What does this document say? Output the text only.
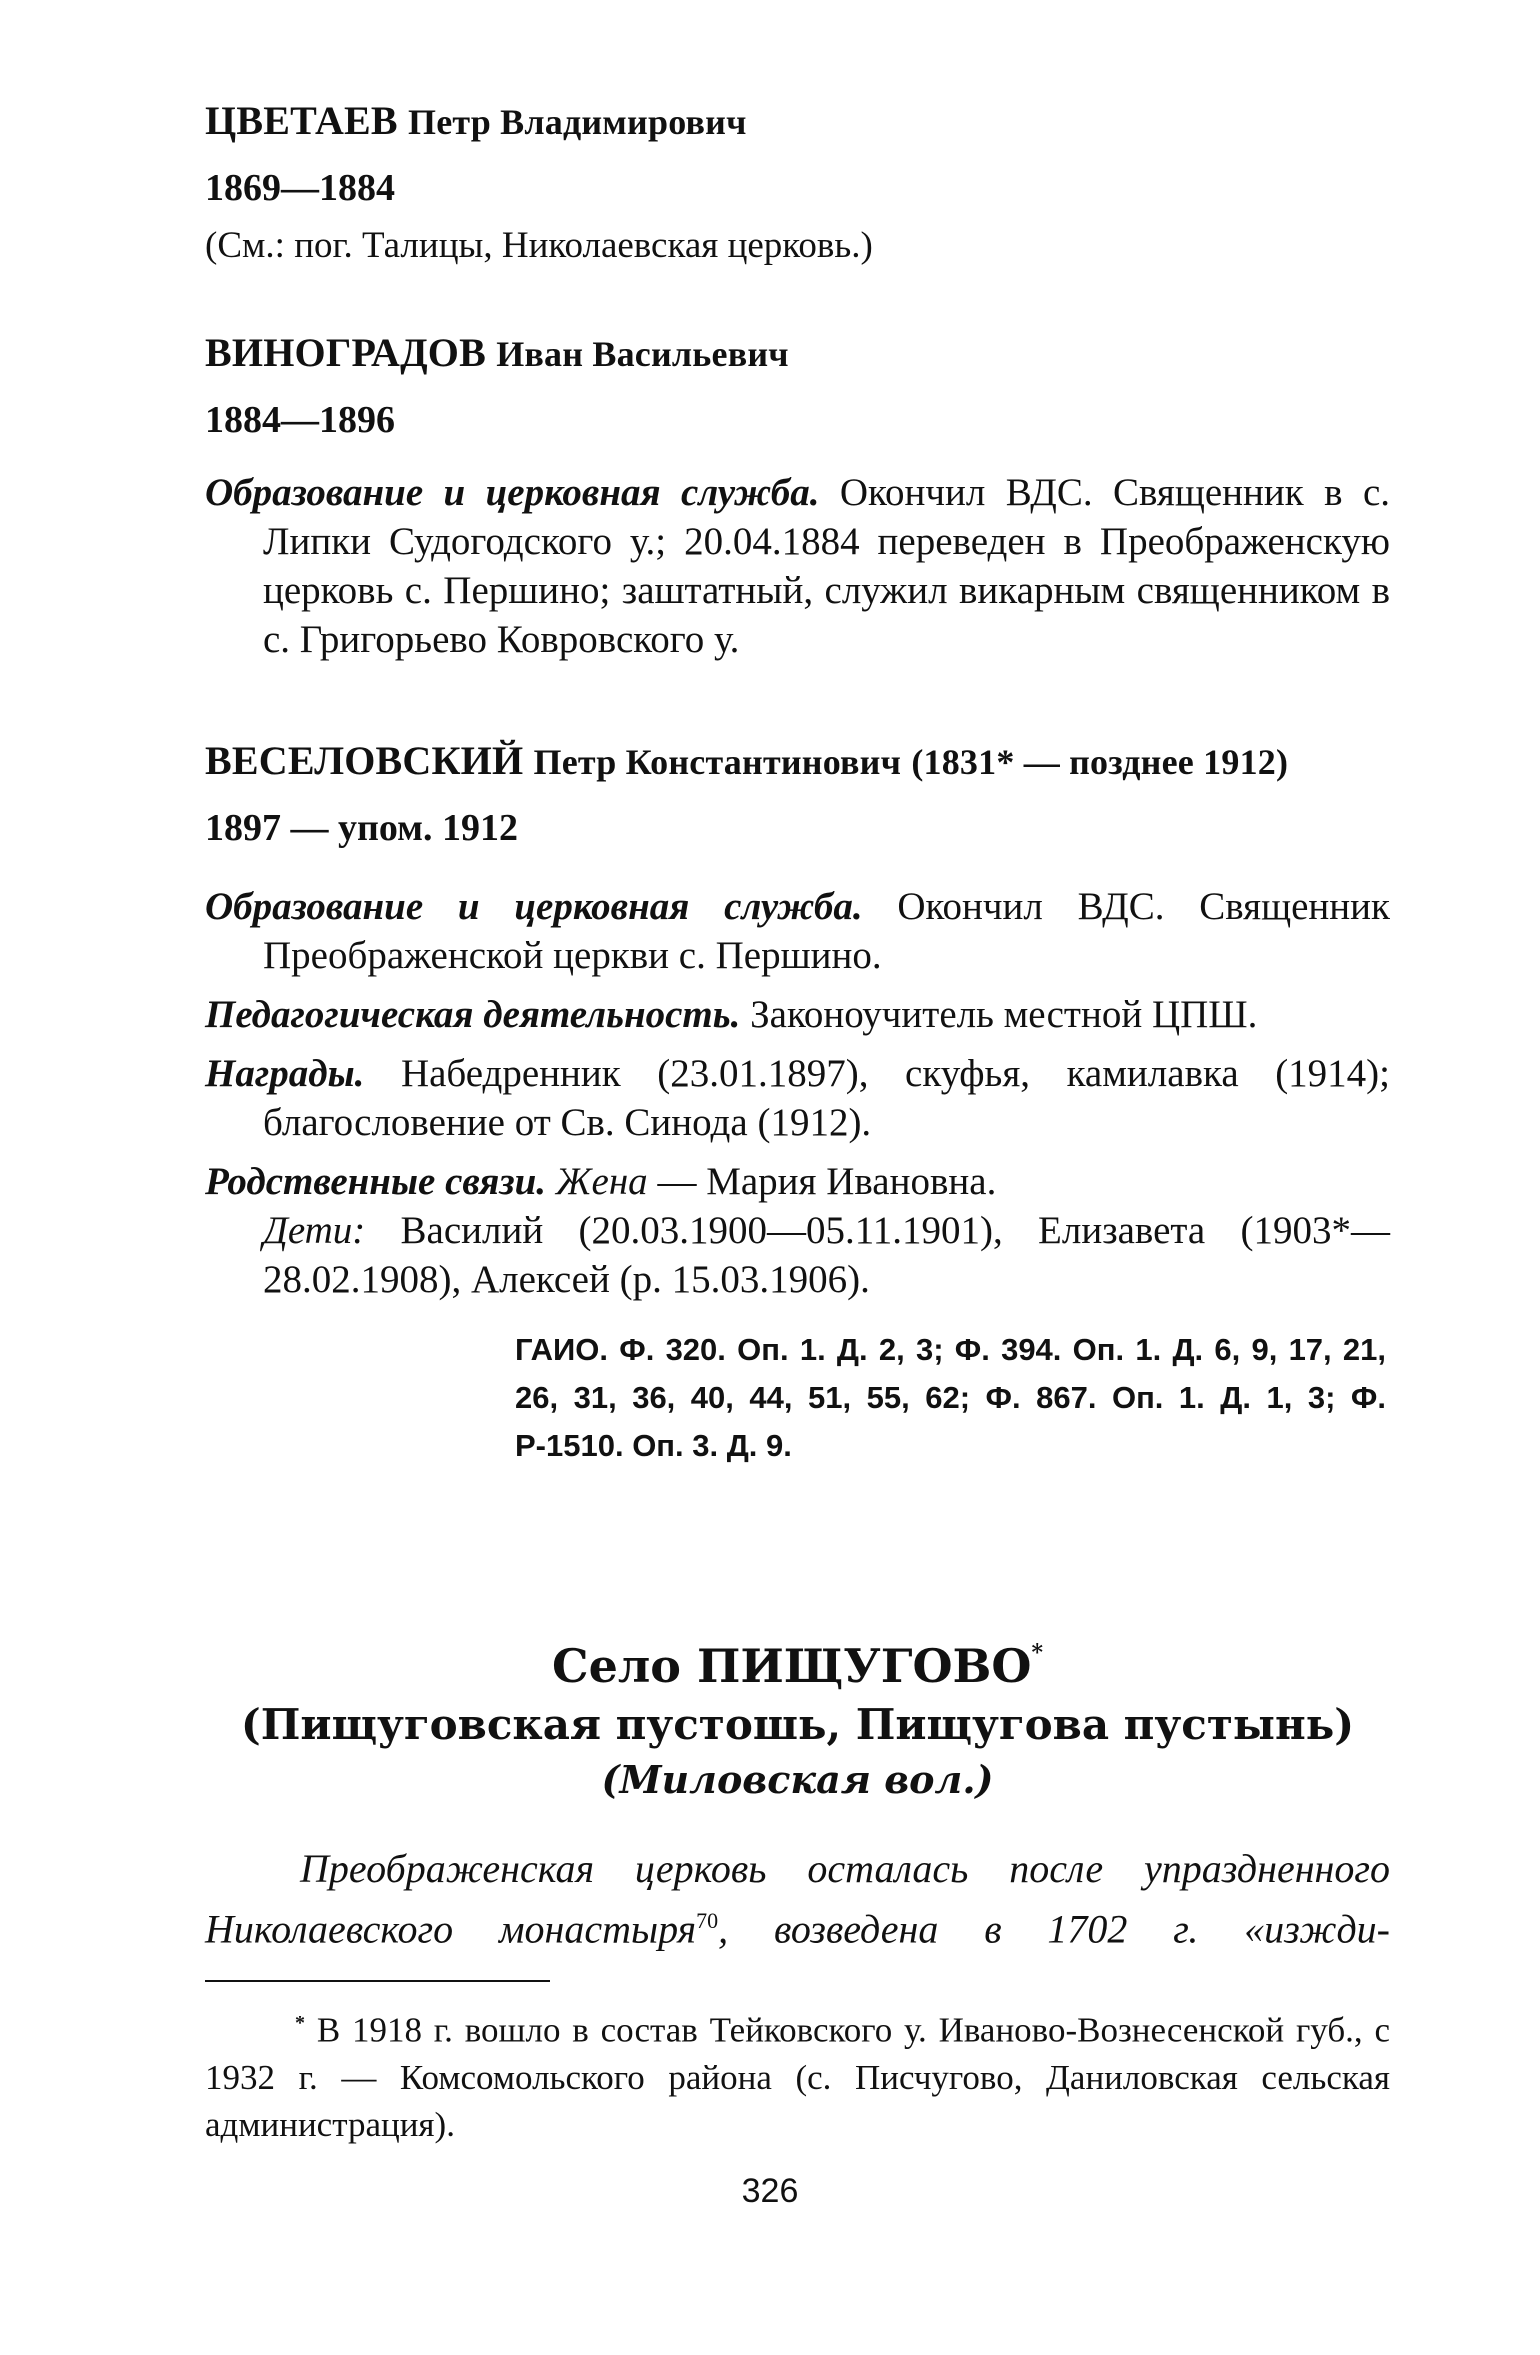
ЦВЕТАЕВ Петр Владимирович
1869—1884
(См.: пог. Талицы, Николаевская церковь.)
ВИНОГРАДОВ Иван Васильевич
1884—1896
Образование и церковная служба. Окончил ВДС. Священник в с. Липки Судогодского у.; 20.04.1884 переведен в Преображенскую церковь с. Першино; заштатный, служил викарным священником в с. Григорьево Ковровского у.
ВЕСЕЛОВСКИЙ Петр Константинович (1831* — позднее 1912)
1897 — упом. 1912
Образование и церковная служба. Окончил ВДС. Священник Преображенской церкви с. Першино.
Педагогическая деятельность. Законоучитель местной ЦПШ.
Награды. Набедренник (23.01.1897), скуфья, камилавка (1914); благословение от Св. Синода (1912).
Родственные связи. Жена — Мария Ивановна.
Дети: Василий (20.03.1900—05.11.1901), Елизавета (1903*—28.02.1908), Алексей (р. 15.03.1906).
ГАИО. Ф. 320. Оп. 1. Д. 2, 3; Ф. 394. Оп. 1. Д. 6, 9, 17, 21, 26, 31, 36, 40, 44, 51, 55, 62; Ф. 867. Оп. 1. Д. 1, 3; Ф. Р-1510. Оп. 3. Д. 9.
Село ПИЩУГОВО*
(Пищуговская пустошь, Пищугова пустынь)
(Миловская вол.)
Преображенская церковь осталась после упраздненного Николаевского монастыря$^{70}$, возведена в 1702 г. «изжди-
* В 1918 г. вошло в состав Тейковского у. Иваново-Вознесенской губ., с 1932 г. — Комсомольского района (с. Писчугово, Даниловская сельская администрация).
326
